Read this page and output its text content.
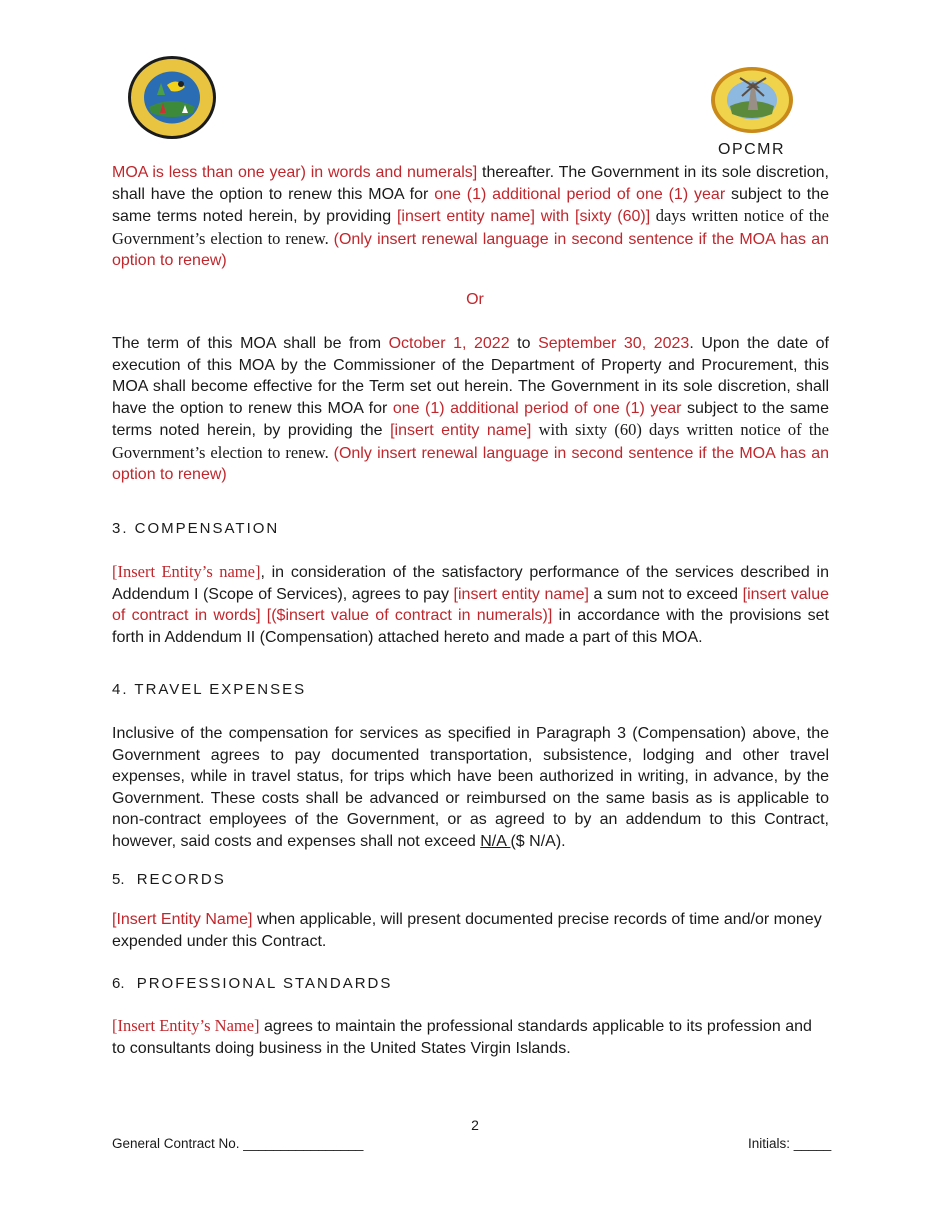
OPCMR

MOA is less than one year) in words and numerals] thereafter. The Government in its sole discretion, shall have the option to renew this MOA for one (1) additional period of one (1) year subject to the same terms noted herein, by providing [insert entity name] with [sixty (60)] days written notice of the Government’s election to renew. (Only insert renewal language in second sentence if the MOA has an option to renew)

Or

The term of this MOA shall be from October 1, 2022 to September 30, 2023. Upon the date of execution of this MOA by the Commissioner of the Department of Property and Procurement, this MOA shall become effective for the Term set out herein. The Government in its sole discretion, shall have the option to renew this MOA for one (1) additional period of one (1) year subject to the same terms noted herein, by providing the [insert entity name] with sixty (60) days written notice of the Government’s election to renew. (Only insert renewal language in second sentence if the MOA has an option to renew)

3. COMPENSATION

[Insert Entity’s name], in consideration of the satisfactory performance of the services described in Addendum I (Scope of Services), agrees to pay [insert entity name] a sum not to exceed [insert value of contract in words] [($insert value of contract in numerals)] in accordance with the provisions set forth in Addendum II (Compensation) attached hereto and made a part of this MOA.

4. TRAVEL EXPENSES

Inclusive of the compensation for services as specified in Paragraph 3 (Compensation) above, the Government agrees to pay documented transportation, subsistence, lodging and other travel expenses, while in travel status, for trips which have been authorized in writing, in advance, by the Government. These costs shall be advanced or reimbursed on the same basis as is applicable to non-contract employees of the Government, or as agreed to by an addendum to this Contract, however, said costs and expenses shall not exceed N/A ($ N/A).

5. RECORDS

[Insert Entity Name] when applicable, will present documented precise records of time and/or money expended under this Contract.

6. PROFESSIONAL STANDARDS

[Insert Entity’s Name] agrees to maintain the professional standards applicable to its profession and to consultants doing business in the United States Virgin Islands.

2
General Contract No. ________________	Initials: _____
